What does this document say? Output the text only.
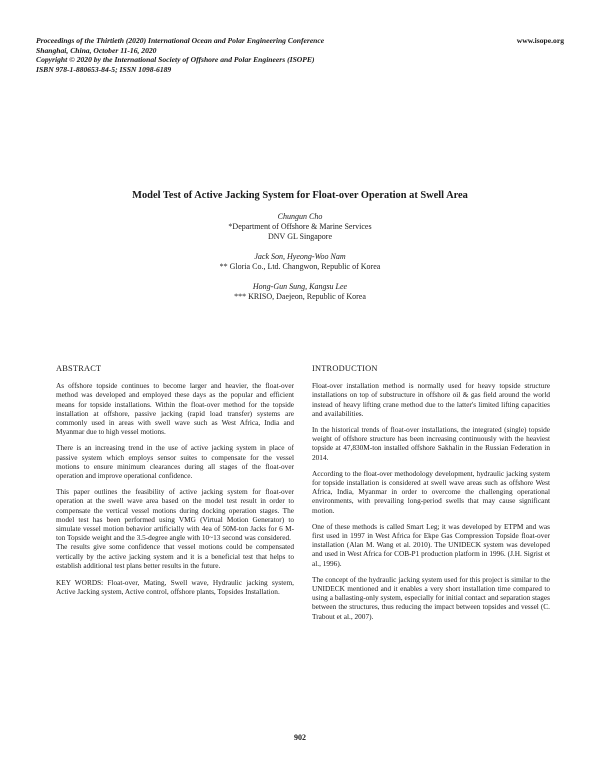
Proceedings of the Thirtieth (2020) International Ocean and Polar Engineering Conference
Shanghai, China, October 11-16, 2020
Copyright © 2020 by the International Society of Offshore and Polar Engineers (ISOPE)
ISBN 978-1-880653-84-5; ISSN 1098-6189
www.isope.org
Model Test of Active Jacking System for Float-over Operation at Swell Area
Chungun Cho
*Department of Offshore & Marine Services
DNV GL Singapore
Jack Son, Hyeong-Woo Nam
** Gloria Co., Ltd. Changwon, Republic of Korea
Hong-Gun Sung, Kangsu Lee
*** KRISO, Daejeon, Republic of Korea
ABSTRACT

As offshore topside continues to become larger and heavier, the float-over method was developed and employed these days as the popular and efficient means for topside installations. Within the float-over method for the topside installation at offshore, passive jacking (rapid load transfer) systems are commonly used in areas with swell wave such as West Africa, India and Myanmar due to high vessel motions.

There is an increasing trend in the use of active jacking system in place of passive system which employs sensor suites to compensate for the vessel motions to ensure minimum clearances during all stages of the float-over operation and improve operational confidence.

This paper outlines the feasibility of active jacking system for float-over operation at the swell wave area based on the model test result in order to compensate the vertical vessel motions during docking operation stages. The model test has been performed using VMG (Virtual Motion Generator) to simulate vessel motion behavior artificially with 4ea of 50M-ton Jacks for 6 M-ton Topside weight and the 3.5-degree angle with 10~13 second was considered.

The results give some confidence that vessel motions could be compensated vertically by the active jacking system and it is a beneficial test that helps to establish additional test plans better results in the future.

KEY WORDS: Float-over, Mating, Swell wave, Hydraulic jacking system, Active Jacking system, Active control, offshore plants, Topsides Installation.
INTRODUCTION

Float-over installation method is normally used for heavy topside structure installations on top of substructure in offshore oil & gas field around the world instead of heavy lifting crane method due to the latter's limited lifting capacities and availabilities.

In the historical trends of float-over installations, the integrated (single) topside weight of offshore structure has been increasing continuously with the heaviest topside at 47,830M-ton installed offshore Sakhalin in the Russian Federation in 2014.

According to the float-over methodology development, hydraulic jacking system for topside installation is considered at swell wave areas such as offshore West Africa, India, Myanmar in order to overcome the challenging operational environments, with prevailing long-period swells that may cause significant motion.

One of these methods is called Smart Leg; it was developed by ETPM and was first used in 1997 in West Africa for Ekpe Gas Compression Topside float-over installation (Alan M. Wang et al. 2010). The UNIDECK system was developed and used in West Africa for COB-P1 production platform in 1996. (J.H. Sigrist et al., 1996).

The concept of the hydraulic jacking system used for this project is similar to the UNIDECK mentioned and it enables a very short installation time compared to using a ballasting-only system, especially for initial contact and separation stages between the structures, thus reducing the impact between topsides and vessel (C. Trabout et al., 2007).

902
